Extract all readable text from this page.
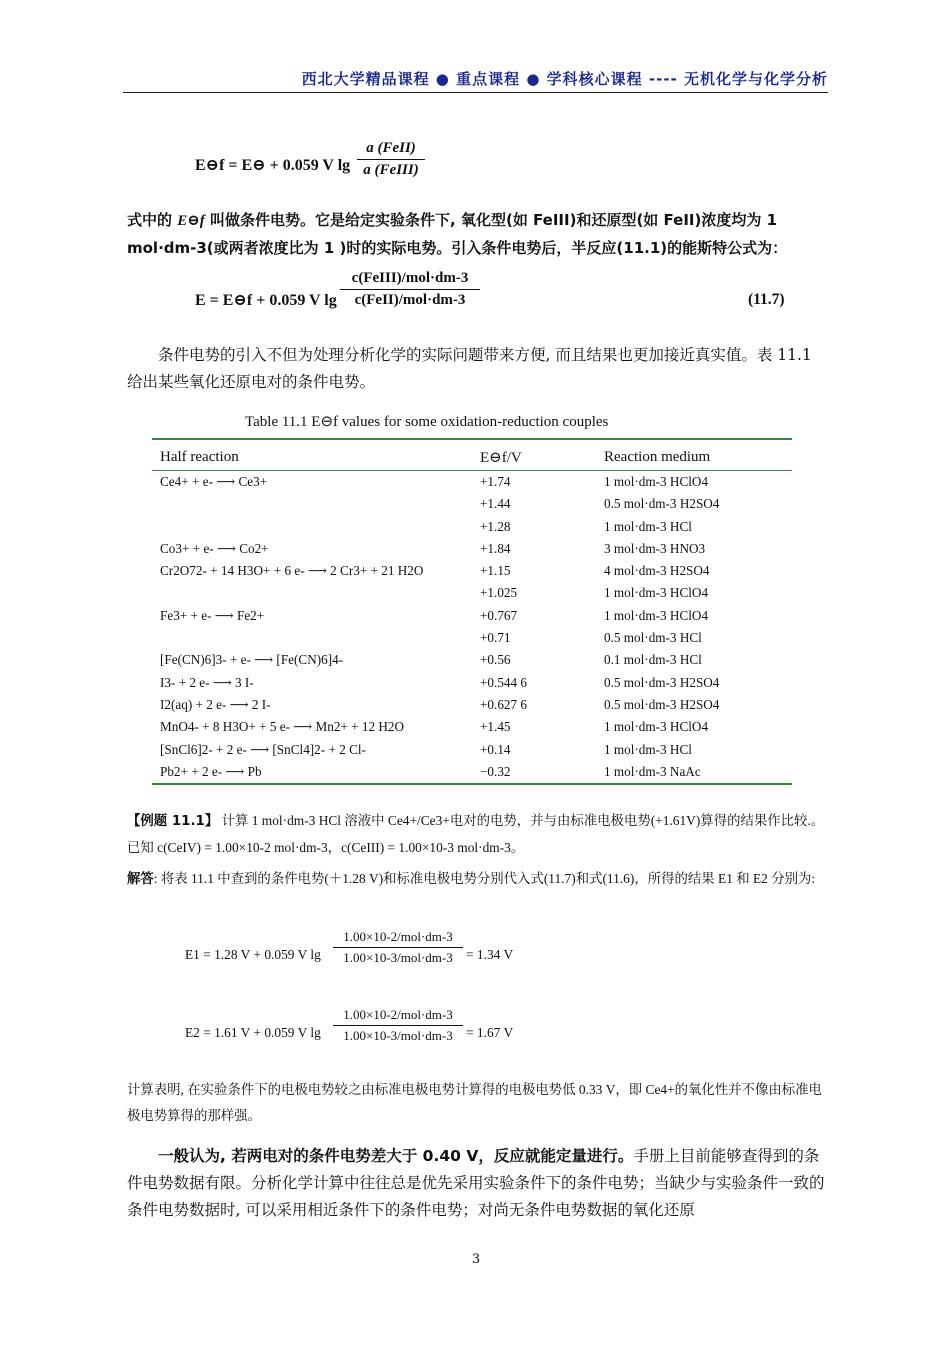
西北大学精品课程 ● 重点课程 ● 学科核心课程 ---- 无机化学与化学分析
E⊖f = E⊖ + 0.059 V lg
a (FeII)
a (FeIII)
式中的 E⊖f 叫做条件电势。它是给定实验条件下, 氧化型(如 FeIII)和还原型(如 FeII)浓度均为 1 mol·dm-3(或两者浓度比为 1 )时的实际电势。引入条件电势后，半反应(11.1)的能斯特公式为：
E = E⊖f + 0.059 V lg
c(FeIII)/mol·dm-3
c(FeII)/mol·dm-3	(11.7)
条件电势的引入不但为处理分析化学的实际问题带来方便, 而且结果也更加接近真实值。表 11.1 给出某些氧化还原电对的条件电势。
Table 11.1 E⊖f values for some oxidation-reduction couples
Half reaction	E⊖f/V	Reaction medium
Ce4+ + e- ⟶ Ce3+	+1.74	1 mol·dm-3 HClO4
	+1.44	0.5 mol·dm-3 H2SO4
	+1.28	1 mol·dm-3 HCl
Co3+ + e- ⟶ Co2+	+1.84	3 mol·dm-3 HNO3
Cr2O72- + 14 H3O+ + 6 e- ⟶ 2 Cr3+ + 21 H2O	+1.15	4 mol·dm-3 H2SO4
	+1.025	1 mol·dm-3 HClO4
Fe3+ + e- ⟶ Fe2+	+0.767	1 mol·dm-3 HClO4
	+0.71	0.5 mol·dm-3 HCl
[Fe(CN)6]3- + e- ⟶ [Fe(CN)6]4-	+0.56	0.1 mol·dm-3 HCl
I3- + 2 e- ⟶ 3 I-	+0.544 6	0.5 mol·dm-3 H2SO4
I2(aq) + 2 e- ⟶ 2 I-	+0.627 6	0.5 mol·dm-3 H2SO4
MnO4- + 8 H3O+ + 5 e- ⟶ Mn2+ + 12 H2O	+1.45	1 mol·dm-3 HClO4
[SnCl6]2- + 2 e- ⟶ [SnCl4]2- + 2 Cl-	+0.14	1 mol·dm-3 HCl
Pb2+ + 2 e- ⟶ Pb	−0.32	1 mol·dm-3 NaAc
【例题 11.1】 计算 1 mol·dm-3 HCl 溶液中 Ce4+/Ce3+电对的电势，并与由标准电极电势(+1.61V)算得的结果作比较.。已知 c(CeIV) = 1.00×10-2 mol·dm-3，c(CeIII) = 1.00×10-3 mol·dm-3。
解答: 将表 11.1 中查到的条件电势(＋1.28 V)和标准电极电势分别代入式(11.7)和式(11.6)，所得的结果 E1 和 E2 分别为:
E1 = 1.28 V + 0.059 V lg
1.00×10-2/mol·dm-3
1.00×10-3/mol·dm-3 = 1.34 V
E2 = 1.61 V + 0.059 V lg
1.00×10-2/mol·dm-3
1.00×10-3/mol·dm-3 = 1.67 V
计算表明, 在实验条件下的电极电势较之由标准电极电势计算得的电极电势低 0.33 V，即 Ce4+的氧化性并不像由标准电极电势算得的那样强。
一般认为, 若两电对的条件电势差大于 0.40 V，反应就能定量进行。手册上目前能够查得到的条件电势数据有限。分析化学计算中往往总是优先采用实验条件下的条件电势；当缺少与实验条件一致的条件电势数据时, 可以采用相近条件下的条件电势；对尚无条件电势数据的氧化还原
3
